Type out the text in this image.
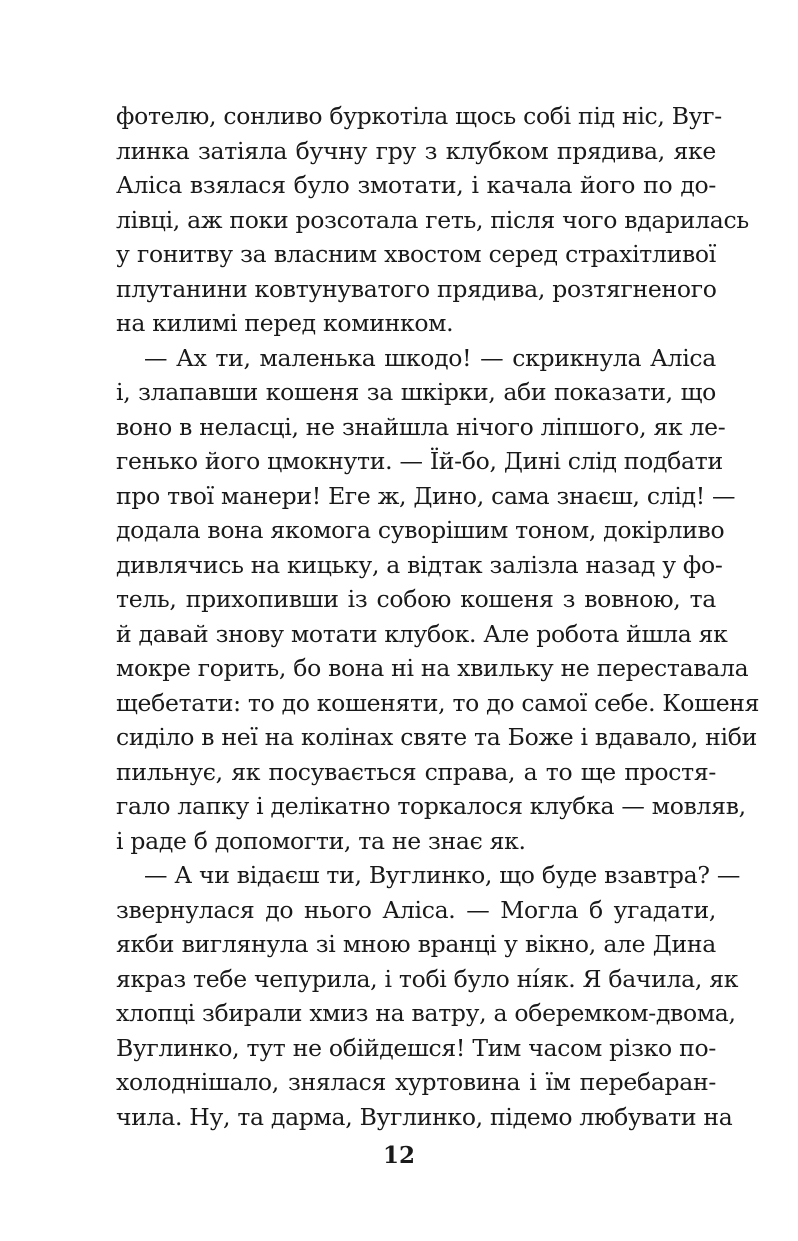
фотелю, сонливо буркотіла щось собі під ніс, Вуг-
линка затіяла бучну гру з клубком прядива, яке
Аліса взялася було змотати, і качала його по до-
лівці, аж поки розсотала геть, після чого вдарилась
у гонитву за власним хвостом серед страхітливої
плутанини ковтунуватого прядива, розтягненого
на килимі перед коминком.
— Ах ти, маленька шкодо! — скрикнула Аліса
і, злапавши кошеня за шкірки, аби показати, що
воно в неласці, не знайшла нічого ліпшого, як ле-
генько його цмокнути. — Їй-бо, Дині слід подбати
про твої манери! Еге ж, Дино, сама знаєш, слід! —
додала вона якомога суворішим тоном, докірливо
дивлячись на кицьку, а відтак залізла назад у фо-
тель, прихопивши із собою кошеня з вовною, та
й давай знову мотати клубок. Але робота йшла як
мокре горить, бо вона ні на хвильку не переставала
щебетати: то до кошеняти, то до самої себе. Кошеня
сиділо в неї на колінах святе та Боже і вдавало, ніби
пильнує, як посувається справа, а то ще простя-
гало лапку і делікатно торкалося клубка — мовляв,
і раде б допомогти, та не знає як.
— А чи відаєш ти, Вуглинко, що буде взавтра? —
звернулася до нього Аліса. — Могла б угадати,
якби виглянула зі мною вранці у вікно, але Дина
якраз тебе чепурила, і тобі було ні́як. Я бачила, як
хлопці збирали хмиз на ватру, а оберемком-двома,
Вуглинко, тут не обійдешся! Тим часом різко по-
холоднішало, знялася хуртовина і їм перебаран-
чила. Ну, та дарма, Вуглинко, підемо любувати на
12
